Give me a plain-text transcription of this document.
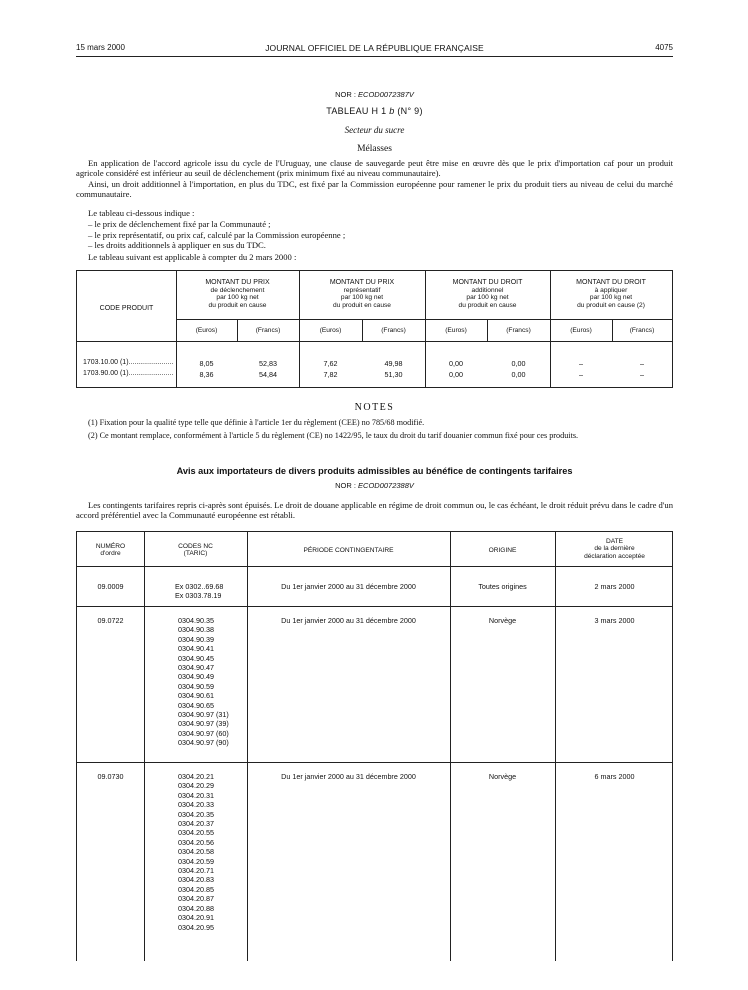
15 mars 2000	JOURNAL OFFICIEL DE LA RÉPUBLIQUE FRANÇAISE	4075
NOR : ECOD0072387V
TABLEAU H 1 b (N° 9)
Secteur du sucre
Mélasses
En application de l'accord agricole issu du cycle de l'Uruguay, une clause de sauvegarde peut être mise en œuvre dès que le prix d'importation caf pour un produit agricole considéré est inférieur au seuil de déclenchement (prix minimum fixé au niveau communautaire).
Ainsi, un droit additionnel à l'importation, en plus du TDC, est fixé par la Commission européenne pour ramener le prix du produit tiers au niveau de celui du marché communautaire.
Le tableau ci-dessous indique :
– le prix de déclenchement fixé par la Communauté ;
– le prix représentatif, ou prix caf, calculé par la Commission européenne ;
– les droits additionnels à appliquer en sus du TDC.
Le tableau suivant est applicable à compter du 2 mars 2000 :
CODE PRODUIT
MONTANT DU PRIX
de déclenchement
par 100 kg net
du produit en cause
MONTANT DU PRIX
représentatif
par 100 kg net
du produit en cause
MONTANT DU DROIT
additionnel
par 100 kg net
du produit en cause
MONTANT DU DROIT
à appliquer
par 100 kg net
du produit en cause (2)
(Euros)	(Francs)	(Euros)	(Francs)	(Euros)	(Francs)	(Euros)	(Francs)
1703.10.00 (1).......................	8,05	52,83	7,62	49,98	0,00	0,00	–	–
1703.90.00 (1).......................	8,36	54,84	7,82	51,30	0,00	0,00	–	–
NOTES
(1) Fixation pour la qualité type telle que définie à l'article 1er du règlement (CEE) no 785/68 modifié.
(2) Ce montant remplace, conformément à l'article 5 du règlement (CE) no 1422/95, le taux du droit du tarif douanier commun fixé pour ces produits.
Avis aux importateurs de divers produits admissibles au bénéfice de contingents tarifaires
NOR : ECOD0072388V
Les contingents tarifaires repris ci-après sont épuisés. Le droit de douane applicable en régime de droit commun ou, le cas échéant, le droit réduit prévu dans le cadre d'un accord préférentiel avec la Communauté européenne est rétabli.
NUMÉRO
d'ordre
CODES NC
(TARIC)	PÉRIODE CONTINGENTAIRE	ORIGINE
DATE
de la dernière
déclaration acceptée
09.0009	Ex 0302..69.68
Ex 0303.78.19
Du 1er janvier 2000 au 31 décembre 2000	Toutes origines	2 mars 2000
09.0722	0304.90.35
0304.90.38
0304.90.39
0304.90.41
0304.90.45
0304.90.47
0304.90.49
0304.90.59
0304.90.61
0304.90.65
0304.90.97 (31)
0304.90.97 (39)
0304.90.97 (60)
0304.90.97 (90)
Du 1er janvier 2000 au 31 décembre 2000	Norvège	3 mars 2000
09.0730	0304.20.21
0304.20.29
0304.20.31
0304.20.33
0304.20.35
0304.20.37
0304.20.55
0304.20.56
0304.20.58
0304.20.59
0304.20.71
0304.20.83
0304.20.85
0304.20.87
0304.20.88
0304.20.91
0304.20.95
Du 1er janvier 2000 au 31 décembre 2000	Norvège	6 mars 2000
